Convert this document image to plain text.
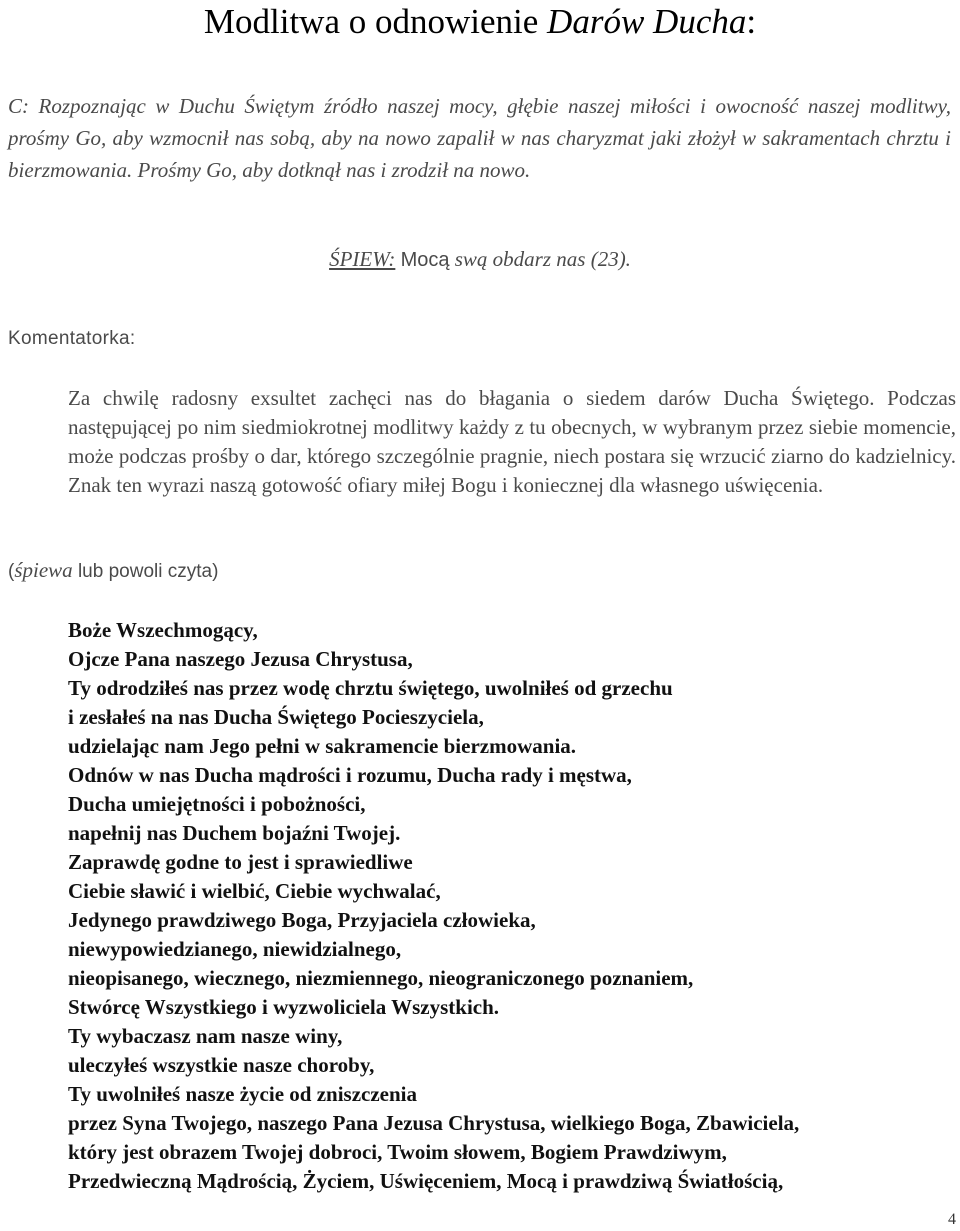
Modlitwa o odnowienie Darów Ducha:
C: Rozpoznając w Duchu Świętym źródło naszej mocy, głębie naszej miłości i owocność naszej modlitwy, prośmy Go, aby wzmocnił nas sobą, aby na nowo zapalił w nas charyzmat jaki złożył w sakramentach chrztu i bierzmowania. Prośmy Go, aby dotknął nas i zrodził na nowo.
ŚPIEW: Mocą swą obdarz nas (23).
Komentatorka:
Za chwilę radosny exsultet zachęci nas do błagania o siedem darów Ducha Świętego. Podczas następującej po nim siedmiokrotnej modlitwy każdy z tu obecnych, w wybranym przez siebie momencie, może podczas prośby o dar, którego szczególnie pragnie, niech postara się wrzucić ziarno do kadzielnicy. Znak ten wyrazi naszą gotowość ofiary miłej Bogu i koniecznej dla własnego uświęcenia.
(śpiewa lub powoli czyta)
Boże Wszechmogący,
Ojcze Pana naszego Jezusa Chrystusa,
Ty odrodziłeś nas przez wodę chrztu świętego, uwolniłeś od grzechu
i zesłałeś na nas Ducha Świętego Pocieszyciela,
udzielając nam Jego pełni w sakramencie bierzmowania.
Odnów w nas Ducha mądrości i rozumu, Ducha rady i męstwa,
Ducha umiejętności i pobożności,
napełnij nas Duchem bojaźni Twojej.
Zaprawdę godne to jest i sprawiedliwe
Ciebie sławić i wielbić, Ciebie wychwalać,
Jedynego prawdziwego Boga, Przyjaciela człowieka,
niewypowiedzianego, niewidzialnego,
nieopisanego, wiecznego, niezmiennego, nieograniczonego poznaniem,
Stwórcę Wszystkiego i wyzwoliciela Wszystkich.
Ty wybaczasz nam nasze winy,
uleczyłeś wszystkie nasze choroby,
Ty uwolniłeś nasze życie od zniszczenia
przez Syna Twojego, naszego Pana Jezusa Chrystusa, wielkiego Boga, Zbawiciela,
który jest obrazem Twojej dobroci, Twoim słowem, Bogiem Prawdziwym,
Przedwieczną Mądrością, Życiem, Uświęceniem, Mocą i prawdziwą Światłością,
4
